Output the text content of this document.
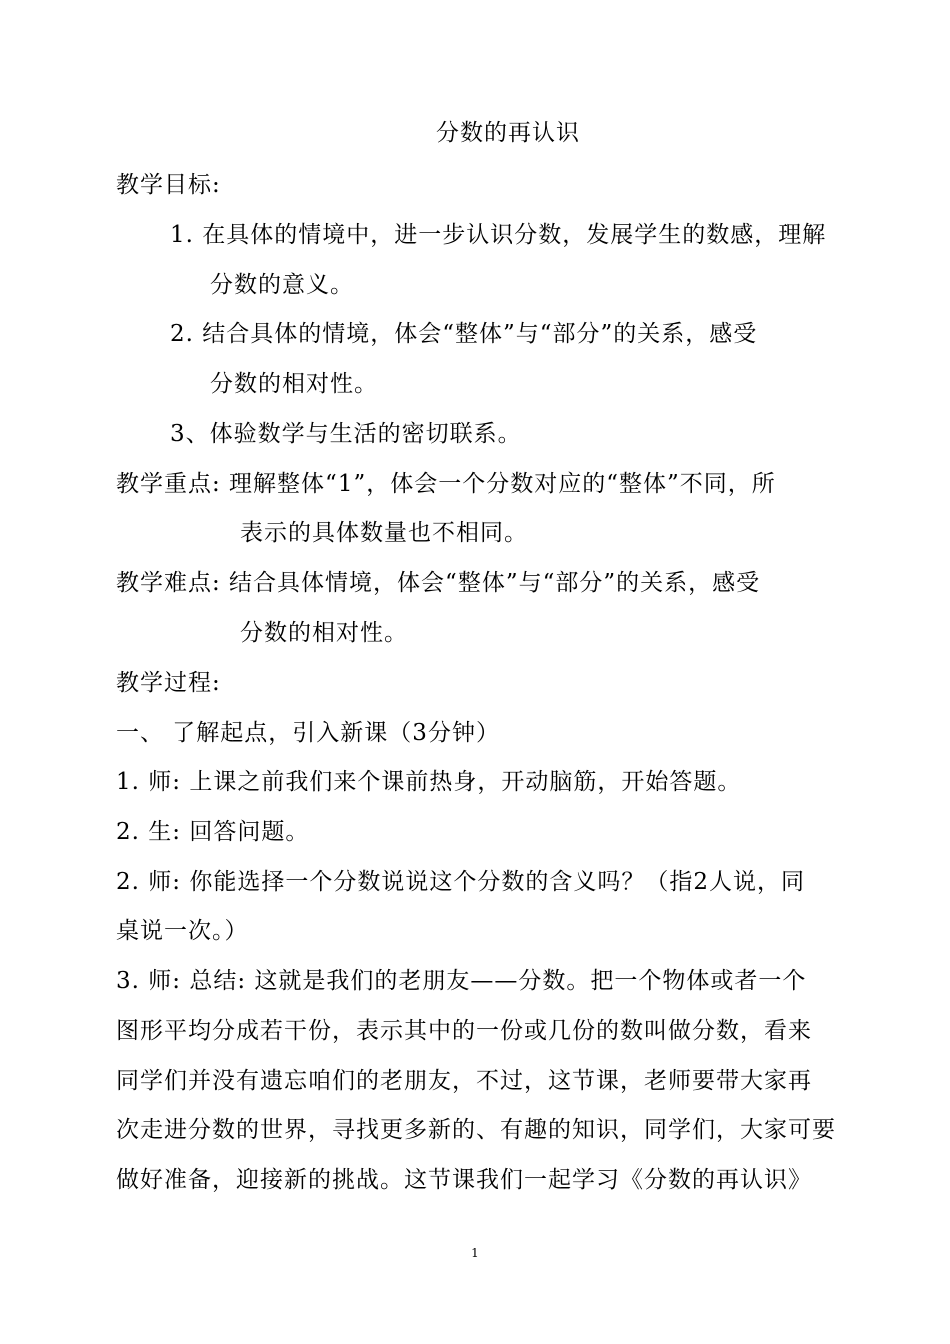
分数的再认识
教学目标:
1. 在具体的情境中，进一步认识分数，发展学生的数感，理解
分数的意义。
2. 结合具体的情境，体会“整体”与“部分”的关系，感受
分数的相对性。
3、体验数学与生活的密切联系。
教学重点: 理解整体“1”，体会一个分数对应的“整体”不同，所
表示的具体数量也不相同。
教学难点: 结合具体情境，体会“整体”与“部分”的关系，感受
分数的相对性。
教学过程:
一、 了解起点，引入新课（3分钟）
1. 师: 上课之前我们来个课前热身，开动脑筋，开始答题。
2. 生: 回答问题。
2. 师: 你能选择一个分数说说这个分数的含义吗？（指2人说，同
桌说一次。）
3. 师: 总结: 这就是我们的老朋友——分数。把一个物体或者一个
图形平均分成若干份，表示其中的一份或几份的数叫做分数，看来
同学们并没有遗忘咱们的老朋友，不过，这节课，老师要带大家再
次走进分数的世界，寻找更多新的、有趣的知识，同学们，大家可要
做好准备，迎接新的挑战。这节课我们一起学习《分数的再认识》
1
